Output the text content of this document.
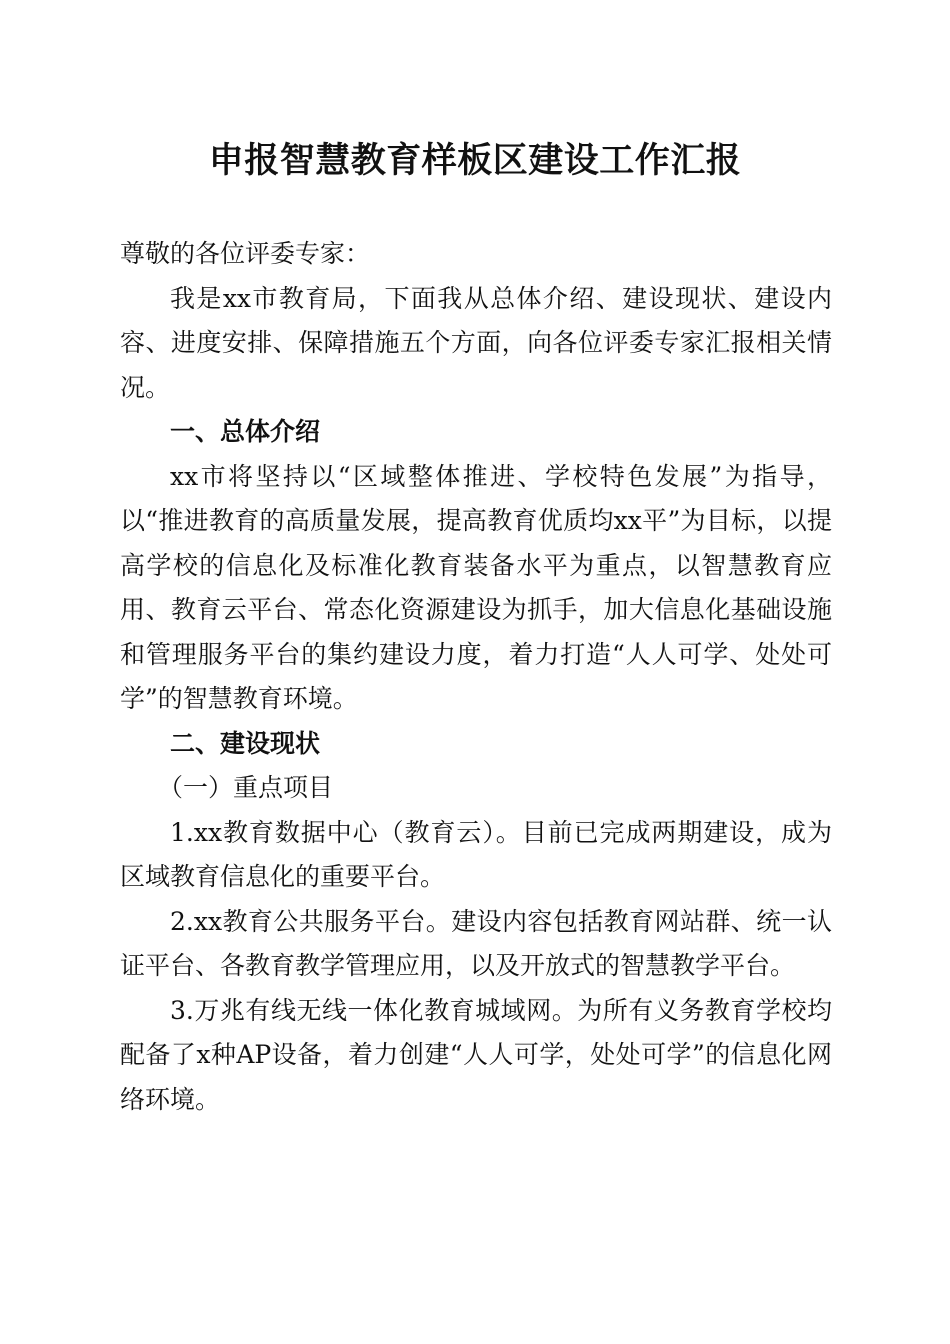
申报智慧教育样板区建设工作汇报

尊敬的各位评委专家：

我是xx市教育局，下面我从总体介绍、建设现状、建设内容、进度安排、保障措施五个方面，向各位评委专家汇报相关情况。

一、总体介绍

xx市将坚持以“区域整体推进、学校特色发展”为指导，以“推进教育的高质量发展，提高教育优质均xx平”为目标，以提高学校的信息化及标准化教育装备水平为重点，以智慧教育应用、教育云平台、常态化资源建设为抓手，加大信息化基础设施和管理服务平台的集约建设力度，着力打造“人人可学、处处可学”的智慧教育环境。

二、建设现状

（一）重点项目

1.xx教育数据中心（教育云）。目前已完成两期建设，成为区域教育信息化的重要平台。

2.xx教育公共服务平台。建设内容包括教育网站群、统一认证平台、各教育教学管理应用，以及开放式的智慧教学平台。

3.万兆有线无线一体化教育城域网。为所有义务教育学校均配备了x种AP设备，着力创建“人人可学，处处可学”的信息化网络环境。
